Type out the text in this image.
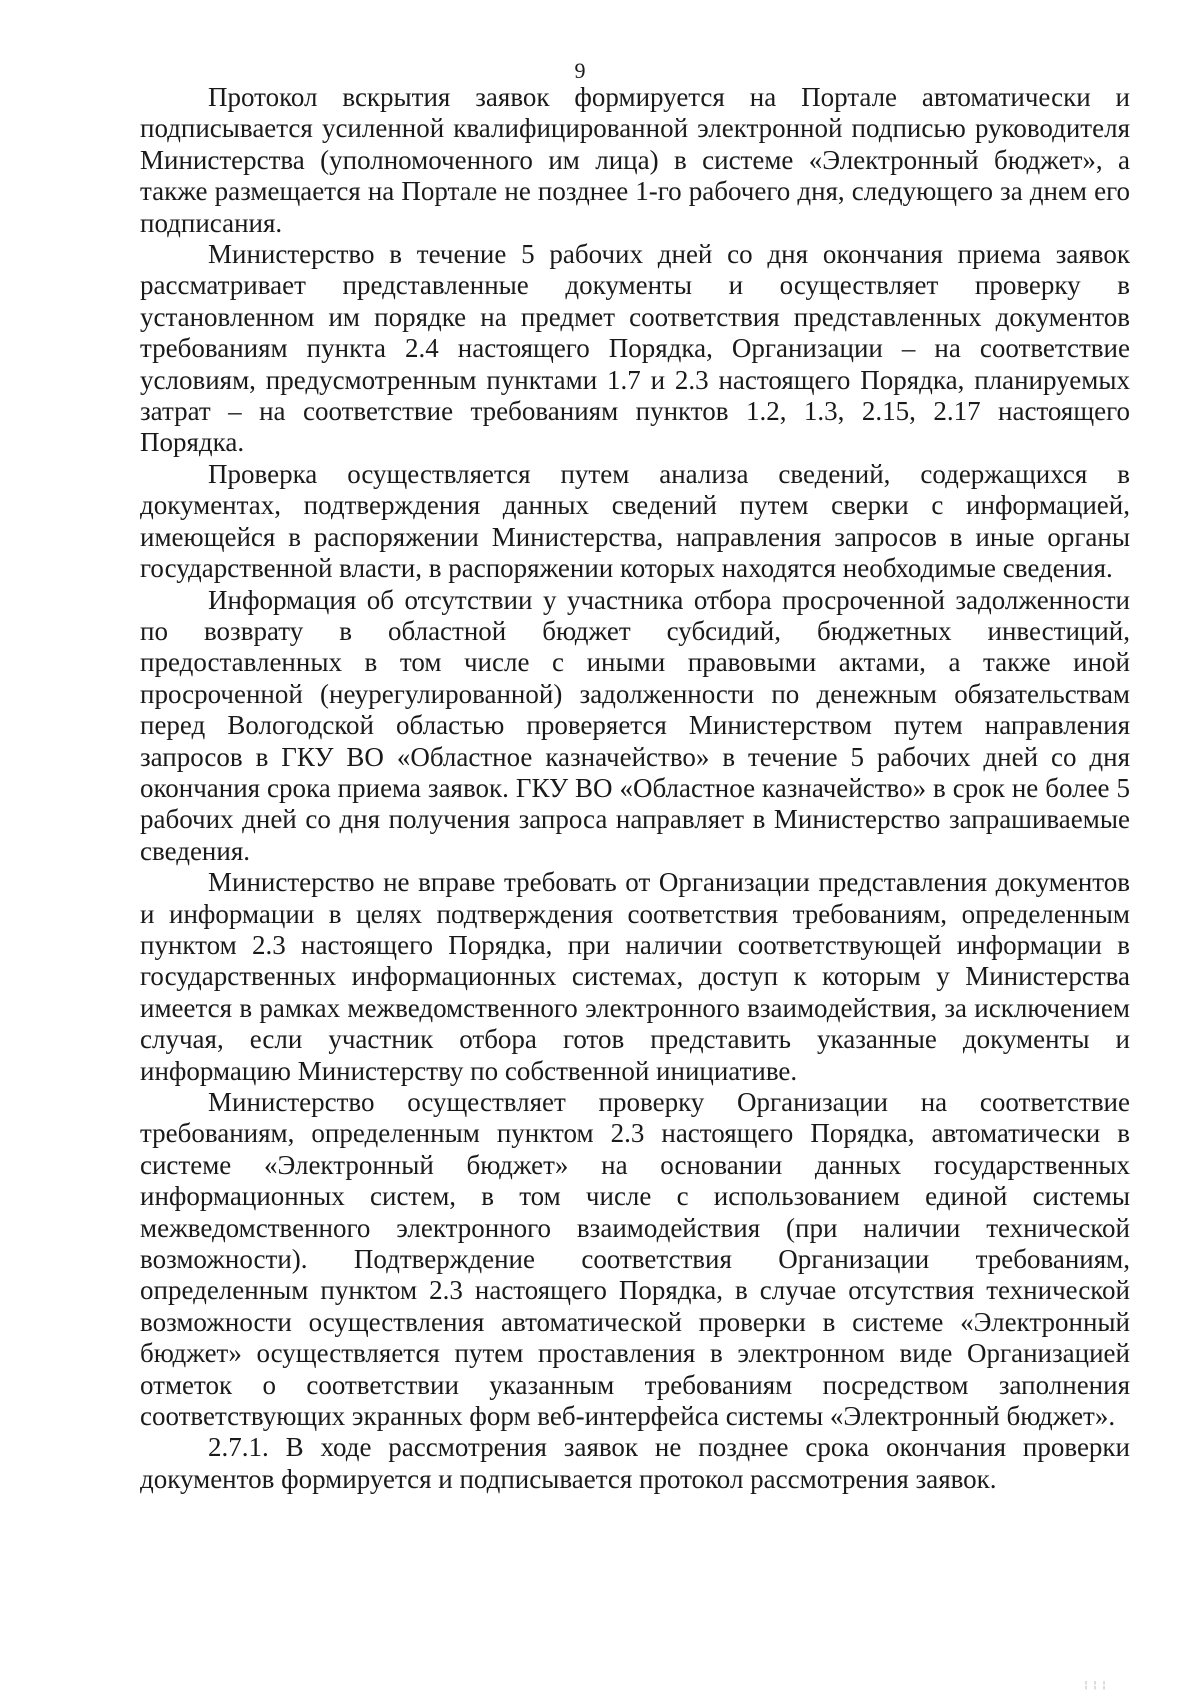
9

Протокол вскрытия заявок формируется на Портале автоматически и подписывается усиленной квалифицированной электронной подписью руководителя Министерства (уполномоченного им лица) в системе «Электронный бюджет», а также размещается на Портале не позднее 1-го рабочего дня, следующего за днем его подписания.

Министерство в течение 5 рабочих дней со дня окончания приема заявок рассматривает представленные документы и осуществляет проверку в установленном им порядке на предмет соответствия представленных документов требованиям пункта 2.4 настоящего Порядка, Организации – на соответствие условиям, предусмотренным пунктами 1.7 и 2.3 настоящего Порядка, планируемых затрат – на соответствие требованиям пунктов 1.2, 1.3, 2.15, 2.17 настоящего Порядка.

Проверка осуществляется путем анализа сведений, содержащихся в документах, подтверждения данных сведений путем сверки с информацией, имеющейся в распоряжении Министерства, направления запросов в иные органы государственной власти, в распоряжении которых находятся необходимые сведения.

Информация об отсутствии у участника отбора просроченной задолженности по возврату в областной бюджет субсидий, бюджетных инвестиций, предоставленных в том числе с иными правовыми актами, а также иной просроченной (неурегулированной) задолженности по денежным обязательствам перед Вологодской областью проверяется Министерством путем направления запросов в ГКУ ВО «Областное казначейство» в течение 5 рабочих дней со дня окончания срока приема заявок. ГКУ ВО «Областное казначейство» в срок не более 5 рабочих дней со дня получения запроса направляет в Министерство запрашиваемые сведения.

Министерство не вправе требовать от Организации представления документов и информации в целях подтверждения соответствия требованиям, определенным пунктом 2.3 настоящего Порядка, при наличии соответствующей информации в государственных информационных системах, доступ к которым у Министерства имеется в рамках межведомственного электронного взаимодействия, за исключением случая, если участник отбора готов представить указанные документы и информацию Министерству по собственной инициативе.

Министерство осуществляет проверку Организации на соответствие требованиям, определенным пунктом 2.3 настоящего Порядка, автоматически в системе «Электронный бюджет» на основании данных государственных информационных систем, в том числе с использованием единой системы межведомственного электронного взаимодействия (при наличии технической возможности). Подтверждение соответствия Организации требованиям, определенным пунктом 2.3 настоящего Порядка, в случае отсутствия технической возможности осуществления автоматической проверки в системе «Электронный бюджет» осуществляется путем проставления в электронном виде Организацией отметок о соответствии указанным требованиям посредством заполнения соответствующих экранных форм веб-интерфейса системы «Электронный бюджет».

2.7.1. В ходе рассмотрения заявок не позднее срока окончания проверки документов формируется и подписывается протокол рассмотрения заявок.

¦¦¦
